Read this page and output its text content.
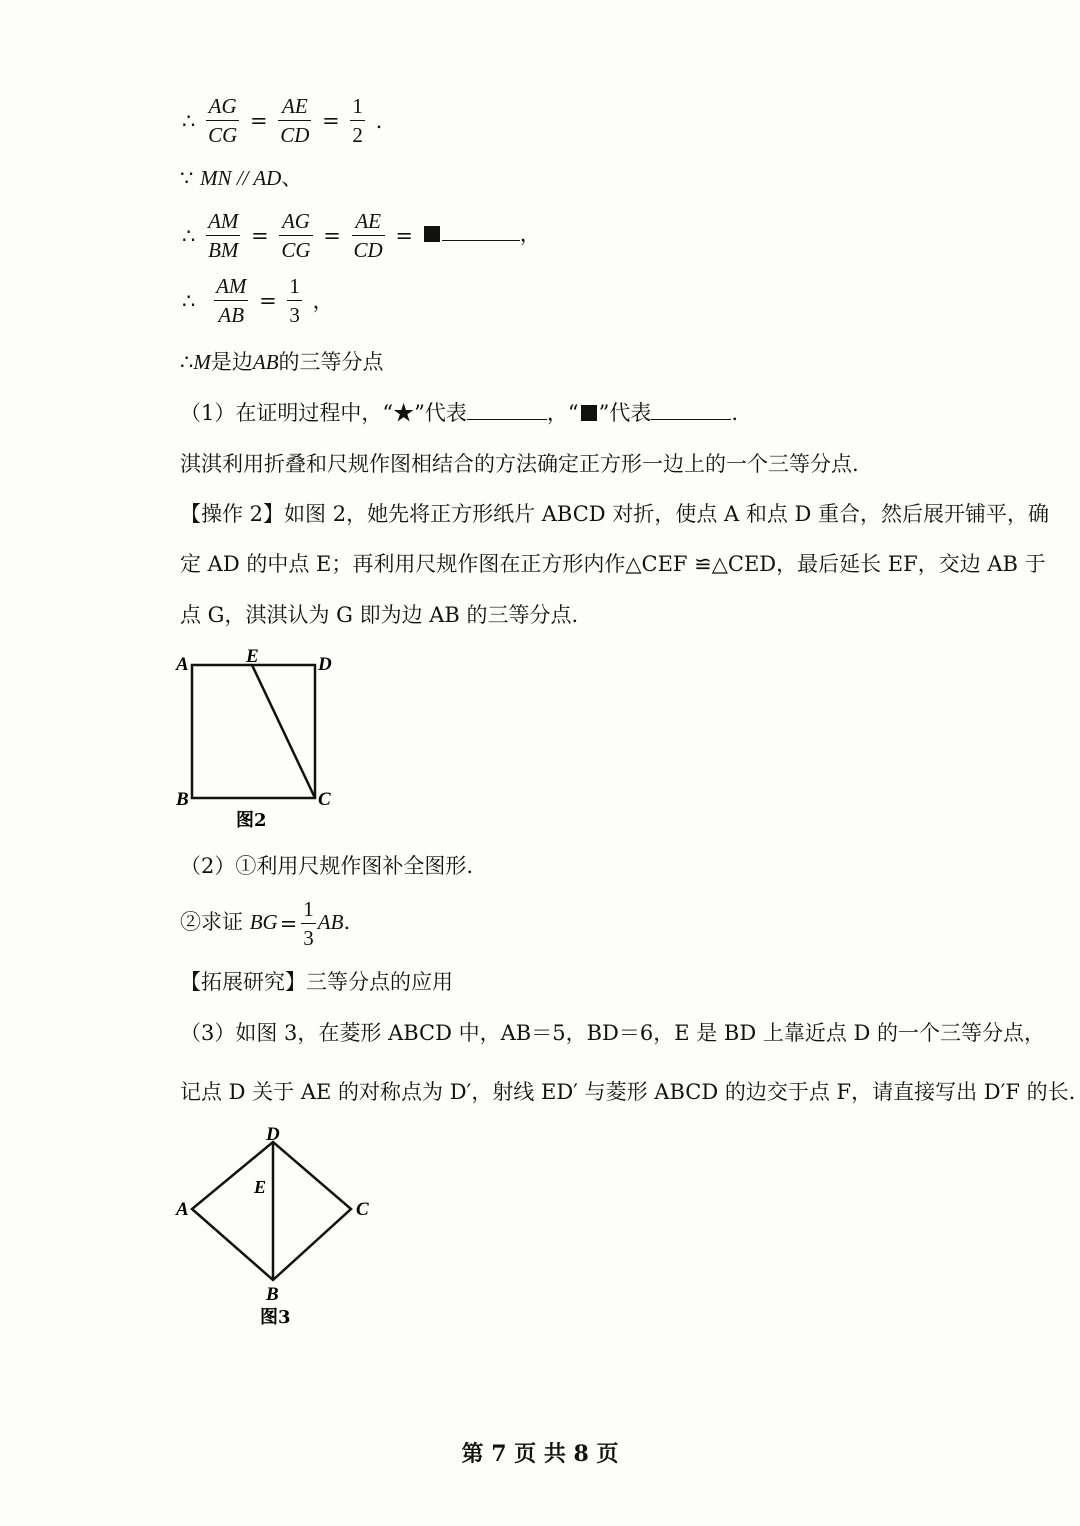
∴ $\frac{AG}{CG} = \frac{AE}{CD} = \frac{1}{2}$ .
∵ MN // AD、
∴ $\frac{AM}{BM} = \frac{AG}{CG} = \frac{AE}{CD}$ =	，
∴ $\frac{AM}{AB} = \frac{1}{3}$ ，
∴M是边AB的三等分点
（1）在证明过程中，“★”代表	，“ ”代表	.
淇淇利用折叠和尺规作图相结合的方法确定正方形一边上的一个三等分点.
【操作 2】如图 2，她先将正方形纸片 ABCD 对折，使点 A 和点 D 重合，然后展开铺平，确
定 AD 的中点 E；再利用尺规作图在正方形内作△CEF ≌△CED，最后延长 EF，交边 AB 于
点 G，淇淇认为 G 即为边 AB 的三等分点.
A	E	D
B	C
图2
（2）①利用尺规作图补全图形.
②求证 $BG= \frac{1}{3}$ AB.
【拓展研究】三等分点的应用
（3）如图 3，在菱形 ABCD 中，AB＝5，BD＝6，E 是 BD 上靠近点 D 的一个三等分点，
记点 D 关于 AE 的对称点为 D′，射线 ED′ 与菱形 ABCD 的边交于点 F，请直接写出 D′F 的长.
D
E
A	C
B
图3
第 7 页 共 8 页
